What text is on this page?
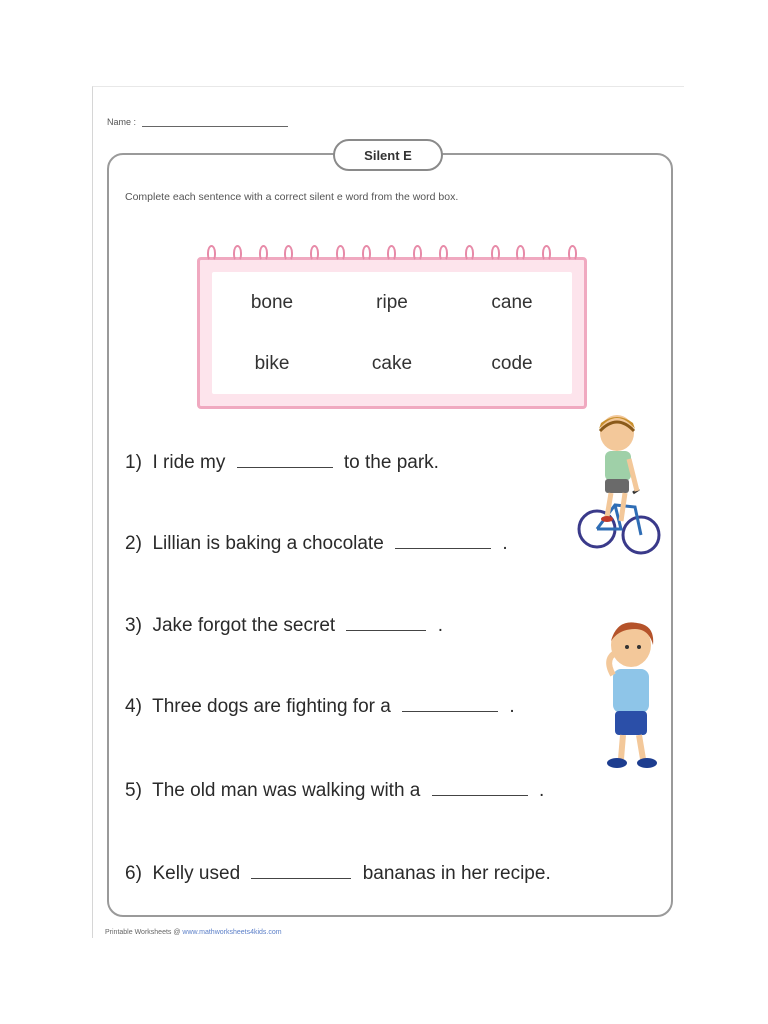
Name :
Silent E
Complete each sentence with a correct silent e word from the word box.
bone	ripe	cane
bike	cake	code
1) I ride my	to the park.
2) Lillian is baking a chocolate	.
3) Jake forgot the secret	.
4) Three dogs are fighting for a	.
5) The old man was walking with a	.
6) Kelly used	bananas in her recipe.
Printable Worksheets @ www.mathworksheets4kids.com
